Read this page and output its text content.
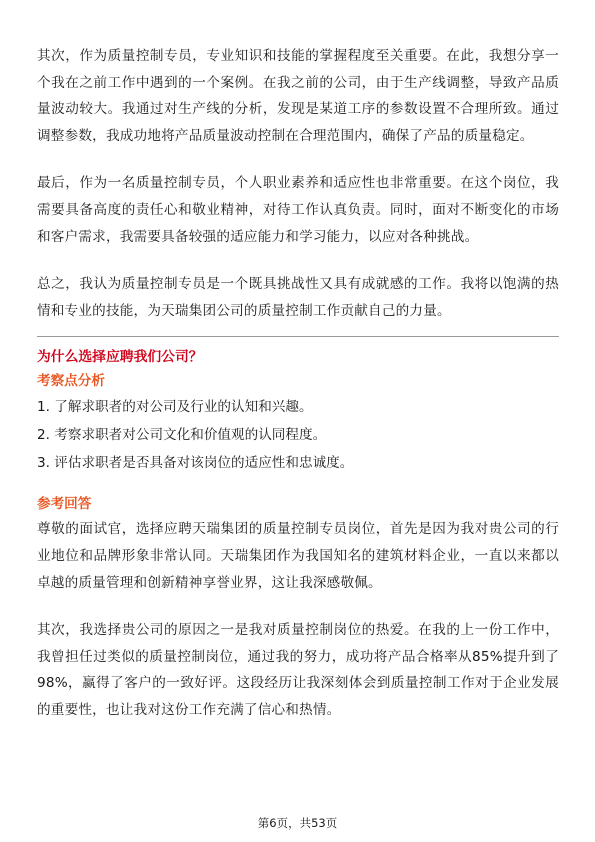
其次，作为质量控制专员，专业知识和技能的掌握程度至关重要。在此，我想分享一个我在之前工作中遇到的一个案例。在我之前的公司，由于生产线调整，导致产品质量波动较大。我通过对生产线的分析，发现是某道工序的参数设置不合理所致。通过调整参数，我成功地将产品质量波动控制在合理范围内，确保了产品的质量稳定。

最后，作为一名质量控制专员，个人职业素养和适应性也非常重要。在这个岗位，我需要具备高度的责任心和敬业精神，对待工作认真负责。同时，面对不断变化的市场和客户需求，我需要具备较强的适应能力和学习能力，以应对各种挑战。

总之，我认为质量控制专员是一个既具挑战性又具有成就感的工作。我将以饱满的热情和专业的技能，为天瑞集团公司的质量控制工作贡献自己的力量。

为什么选择应聘我们公司？

考察点分析

1. 了解求职者的对公司及行业的认知和兴趣。

2. 考察求职者对公司文化和价值观的认同程度。

3. 评估求职者是否具备对该岗位的适应性和忠诚度。

参考回答

尊敬的面试官，选择应聘天瑞集团的质量控制专员岗位，首先是因为我对贵公司的行业地位和品牌形象非常认同。天瑞集团作为我国知名的建筑材料企业，一直以来都以卓越的质量管理和创新精神享誉业界，这让我深感敬佩。

其次，我选择贵公司的原因之一是我对质量控制岗位的热爱。在我的上一份工作中，我曾担任过类似的质量控制岗位，通过我的努力，成功将产品合格率从85%提升到了98%，赢得了客户的一致好评。这段经历让我深刻体会到质量控制工作对于企业发展的重要性，也让我对这份工作充满了信心和热情。

第6页，共53页
